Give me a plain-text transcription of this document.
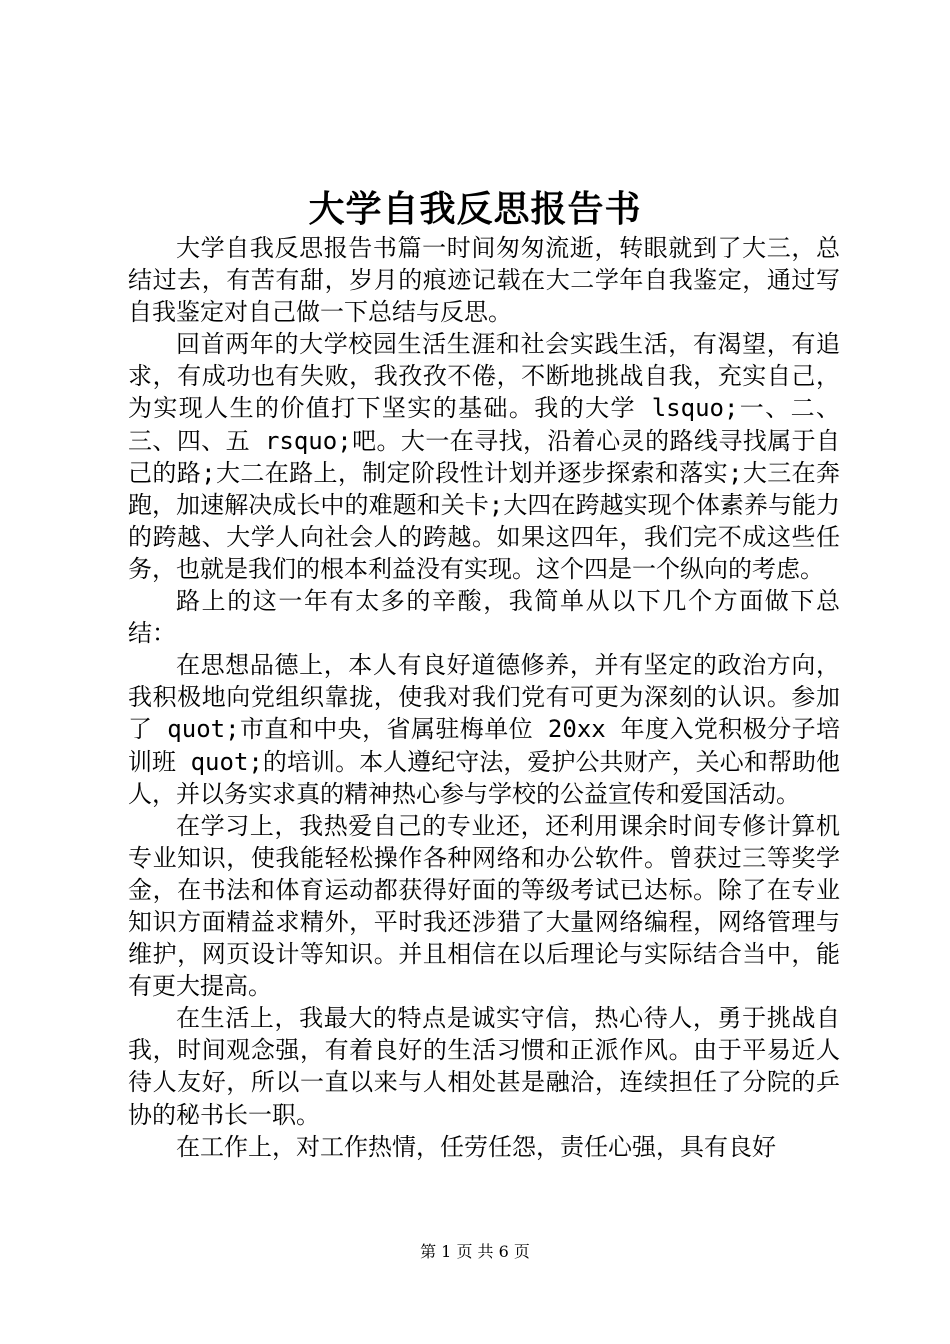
大学自我反思报告书

大学自我反思报告书篇一时间匆匆流逝，转眼就到了大三，总结过去，有苦有甜，岁月的痕迹记载在大二学年自我鉴定，通过写自我鉴定对自己做一下总结与反思。

回首两年的大学校园生活生涯和社会实践生活，有渴望，有追求，有成功也有失败，我孜孜不倦，不断地挑战自我，充实自己，为实现人生的价值打下坚实的基础。我的大学 lsquo;一、二、三、四、五 rsquo;吧。大一在寻找，沿着心灵的路线寻找属于自己的路;大二在路上，制定阶段性计划并逐步探索和落实;大三在奔跑，加速解决成长中的难题和关卡;大四在跨越实现个体素养与能力的跨越、大学人向社会人的跨越。如果这四年，我们完不成这些任务，也就是我们的根本利益没有实现。这个四是一个纵向的考虑。

路上的这一年有太多的辛酸，我简单从以下几个方面做下总结：

在思想品德上，本人有良好道德修养，并有坚定的政治方向，我积极地向党组织靠拢，使我对我们党有可更为深刻的认识。参加了 quot;市直和中央，省属驻梅单位 20xx 年度入党积极分子培训班 quot;的培训。本人遵纪守法，爱护公共财产，关心和帮助他人，并以务实求真的精神热心参与学校的公益宣传和爱国活动。

在学习上，我热爱自己的专业还，还利用课余时间专修计算机专业知识，使我能轻松操作各种网络和办公软件。曾获过三等奖学金，在书法和体育运动都获得好面的等级考试已达标。除了在专业知识方面精益求精外，平时我还涉猎了大量网络编程，网络管理与维护，网页设计等知识。并且相信在以后理论与实际结合当中，能有更大提高。

在生活上，我最大的特点是诚实守信，热心待人，勇于挑战自我，时间观念强，有着良好的生活习惯和正派作风。由于平易近人待人友好，所以一直以来与人相处甚是融洽，连续担任了分院的乒协的秘书长一职。

在工作上，对工作热情，任劳任怨，责任心强，具有良好

第 1 页 共 6 页
